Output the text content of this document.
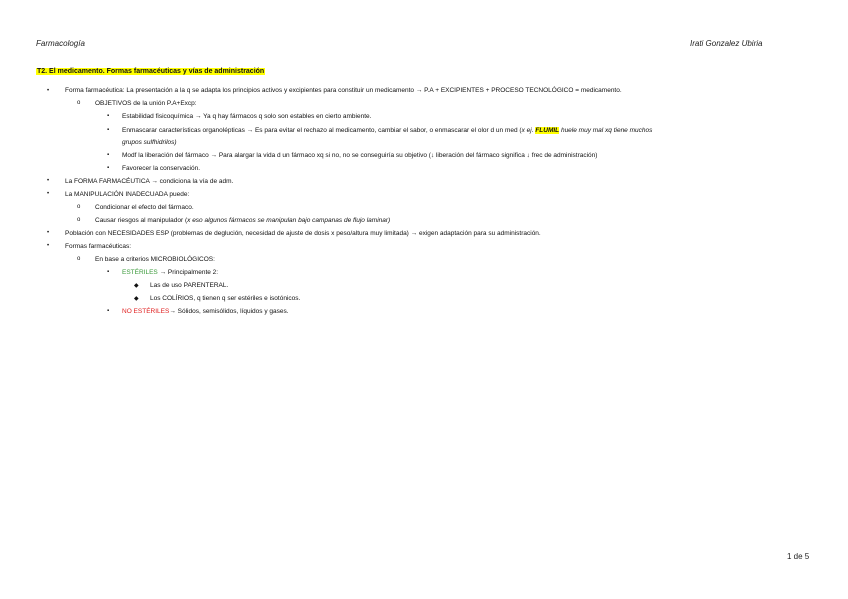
Farmacología	Irati Gonzalez Ubiria
T2. El medicamento. Formas farmacéuticas y vías de administración
• Forma farmacéutica: La presentación a la q se adapta los principios activos y excipientes para constituir un medicamento → P.A + EXCIPIENTES + PROCESO TECNOLÓGICO = medicamento.
o OBJETIVOS de la unión P.A+Excp:
▪ Estabilidad fisicoquímica → Ya q hay fármacos q solo son estables en cierto ambiente.
▪ Enmascarar características organolépticas → Es para evitar el rechazo al medicamento, cambiar el sabor, o enmascarar el olor d un med (x ej. FLUMIL huele muy mal xq tiene muchos
grupos sulfhidrilos)
▪ Modf la liberación del fármaco → Para alargar la vida d un fármaco xq si no, no se conseguiría su objetivo (↓ liberación del fármaco significa ↓ frec de administración)
▪ Favorecer la conservación.
• La FORMA FARMACÉUTICA → condiciona la vía de adm.
• La MANIPULACIÓN INADECUADA puede:
o Condicionar el efecto del fármaco.
o Causar riesgos al manipulador (x eso algunos fármacos se manipulan bajo campanas de flujo laminar)
• Población con NECESIDADES ESP (problemas de deglución, necesidad de ajuste de dosis x peso/altura muy limitada) → exigen adaptación para su administración.
• Formas farmacéuticas:
o En base a criterios MICROBIOLÓGICOS:
▪ ESTÉRILES → Principalmente 2:
◆ Las de uso PARENTERAL.
◆ Los COLÍRIOS, q tienen q ser estériles e isotónicos.
▪ NO ESTÉRILES→ Sólidos, semisólidos, líquidos y gases.
1 de 5
